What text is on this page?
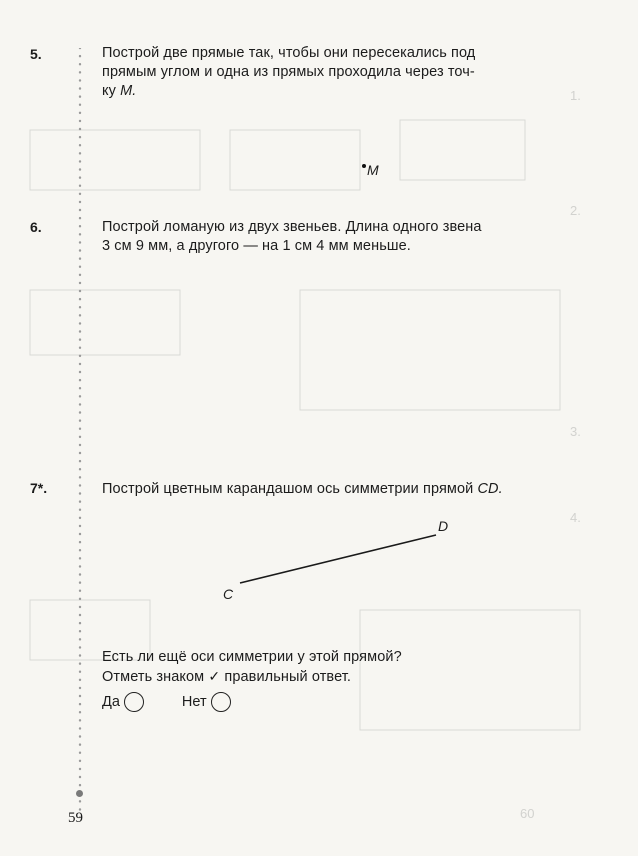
1.
2.
3.
4.
60
5.	Построй две прямые так, чтобы они пересекались под
прямым углом и одна из прямых проходила через точ-
ку M.
M
6.	Построй ломаную из двух звеньев. Длина одного звена
3 см 9 мм, а другого — на 1 см 4 мм меньше.
7*.	Построй цветным карандашом ось симметрии прямой CD.
D
C
Есть ли ещё оси симметрии у этой прямой?
Отметь знаком ✓ правильный ответ.
Да	Нет
59
